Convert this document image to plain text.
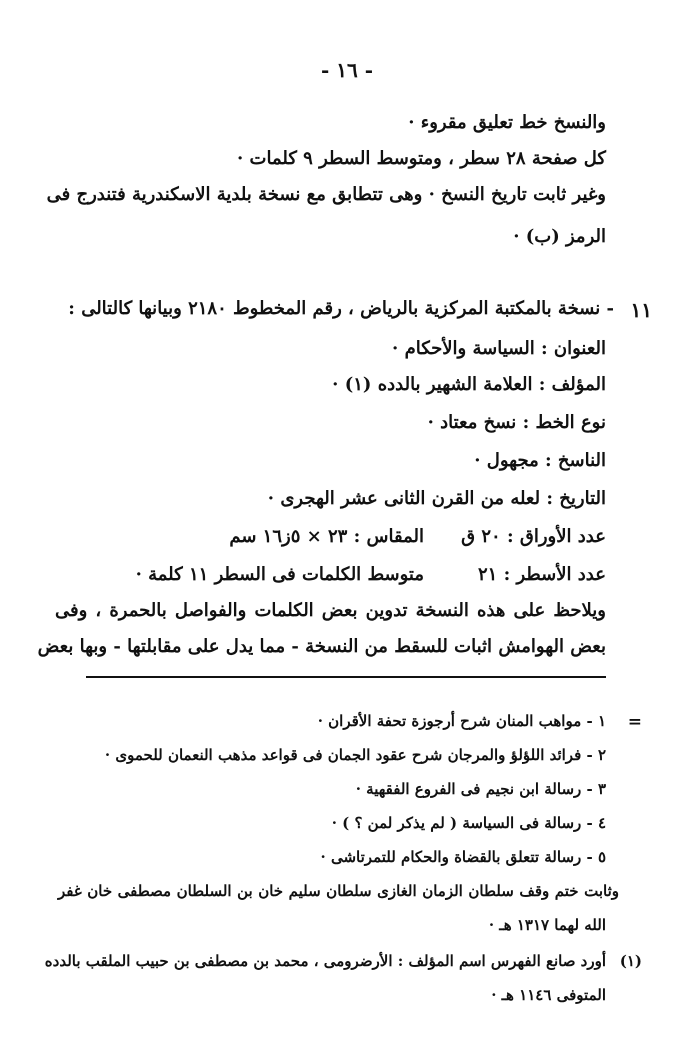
- ١٦ -
والنسخ خط تعليق مقروء ·
كل صفحة ٢٨ سطر ، ومتوسط السطر ٩ كلمات ·
وغير ثابت تاريخ النسخ · وهى تتطابق مع نسخة بلدية الاسكندرية فتندرج فى
الرمز (ب) ·
١١
- نسخة بالمكتبة المركزية بالرياض ، رقم المخطوط ٢١٨٠ وبيانها كالتالى :
العنوان : السياسة والأحكام ·
المؤلف : العلامة الشهير بالدده (١) ·
نوع الخط : نسخ معتاد ·
الناسخ : مجهول ·
التاريخ : لعله من القرن الثانى عشر الهجرى ·
عدد الأوراق : ٢٠ ق
المقاس : ٢٣ × ٥ز١٦ سم
عدد الأسطر : ٢١
متوسط الكلمات فى السطر ١١ كلمة ·
ويلاحظ على هذه النسخة تدوين بعض الكلمات والفواصل بالحمرة ، وفى
بعض الهوامش اثبات للسقط من النسخة - مما يدل على مقابلتها - وبها بعض
=
١ - مواهب المنان شرح أرجوزة تحفة الأقران ·
٢ - فرائد اللؤلؤ والمرجان شرح عقود الجمان فى قواعد مذهب النعمان للحموى ·
٣ - رسالة ابن نجيم فى الفروع الفقهية ·
٤ - رسالة فى السياسة ( لم يذكر لمن ؟ ) ·
٥ - رسالة تتعلق بالقضاة والحكام للتمرتاشى ·
وثابت ختم وقف سلطان الزمان الغازى سلطان سليم خان بن السلطان مصطفى خان غفر
الله لهما ١٣١٧ هـ ·
(١)
أورد صانع الفهرس اسم المؤلف : الأرضرومى ، محمد بن مصطفى بن حبيب الملقب بالدده
المتوفى ١١٤٦ هـ ·
